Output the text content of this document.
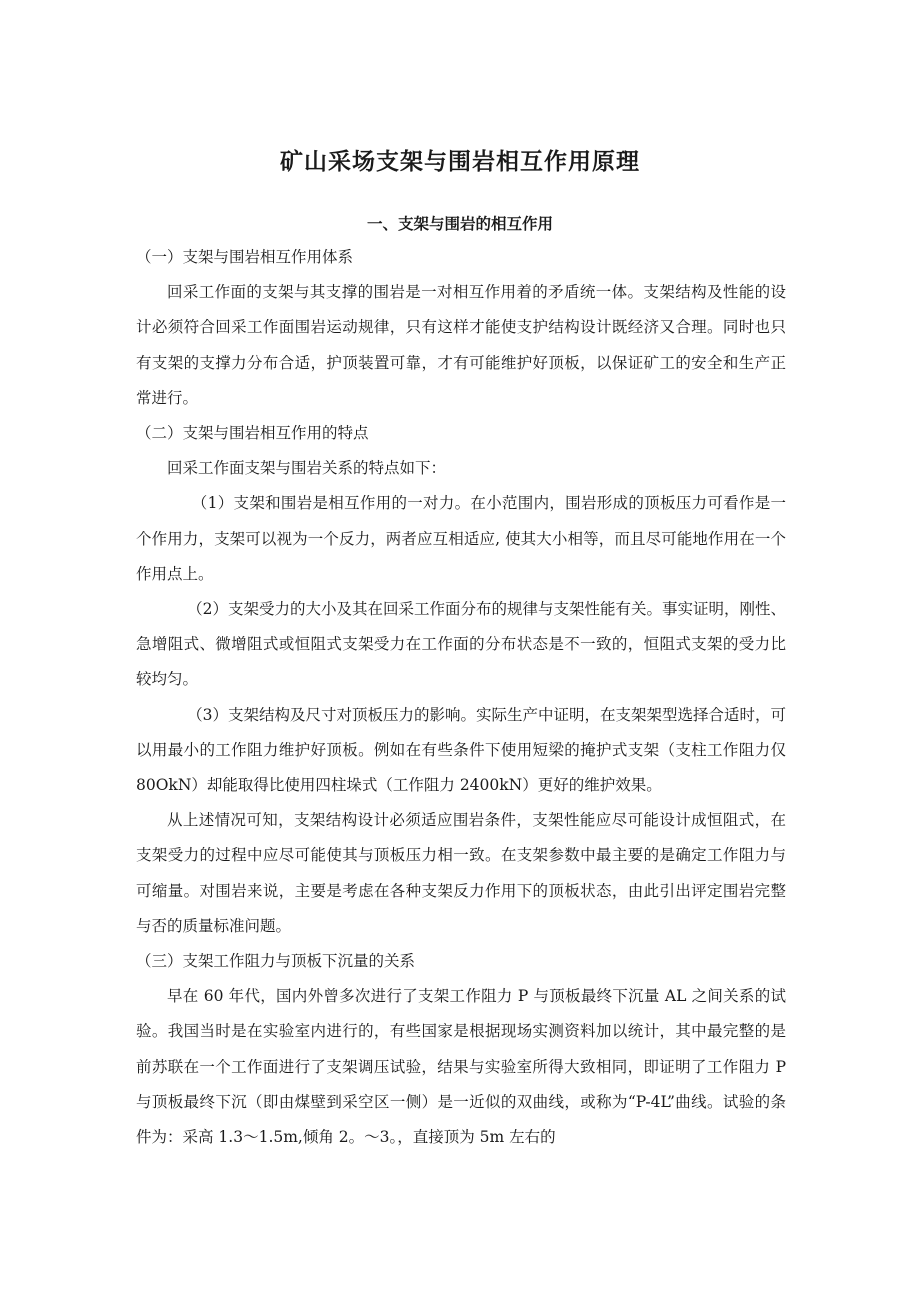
矿山采场支架与围岩相互作用原理
一、支架与围岩的相互作用

（一）支架与围岩相互作用体系

回采工作面的支架与其支撑的围岩是一对相互作用着的矛盾统一体。支架结构及性能的设计必须符合回采工作面围岩运动规律，只有这样才能使支护结构设计既经济又合理。同时也只有支架的支撑力分布合适，护顶装置可靠，才有可能维护好顶板，以保证矿工的安全和生产正常进行。

（二）支架与围岩相互作用的特点

回采工作面支架与围岩关系的特点如下：

（1）支架和围岩是相互作用的一对力。在小范围内，围岩形成的顶板压力可看作是一个作用力，支架可以视为一个反力，两者应互相适应, 使其大小相等，而且尽可能地作用在一个作用点上。

（2）支架受力的大小及其在回采工作面分布的规律与支架性能有关。事实证明，刚性、急增阻式、微增阻式或恒阻式支架受力在工作面的分布状态是不一致的，恒阻式支架的受力比较均匀。

（3）支架结构及尺寸对顶板压力的影响。实际生产中证明，在支架架型选择合适时，可以用最小的工作阻力维护好顶板。例如在有些条件下使用短梁的掩护式支架（支柱工作阻力仅 80OkN）却能取得比使用四柱垛式（工作阻力 2400kN）更好的维护效果。

从上述情况可知，支架结构设计必须适应围岩条件，支架性能应尽可能设计成恒阻式，在支架受力的过程中应尽可能使其与顶板压力相一致。在支架参数中最主要的是确定工作阻力与可缩量。对围岩来说，主要是考虑在各种支架反力作用下的顶板状态，由此引出评定围岩完整与否的质量标准问题。

（三）支架工作阻力与顶板下沉量的关系

早在 60 年代，国内外曾多次进行了支架工作阻力 P 与顶板最终下沉量 AL 之间关系的试验。我国当时是在实验室内进行的，有些国家是根据现场实测资料加以统计，其中最完整的是前苏联在一个工作面进行了支架调压试验，结果与实验室所得大致相同，即证明了工作阻力 P 与顶板最终下沉（即由煤壁到采空区一侧）是一近似的双曲线，或称为“P-4L”曲线。试验的条件为：采高 1.3～1.5m,倾角 2。～3。，直接顶为 5m 左右的
